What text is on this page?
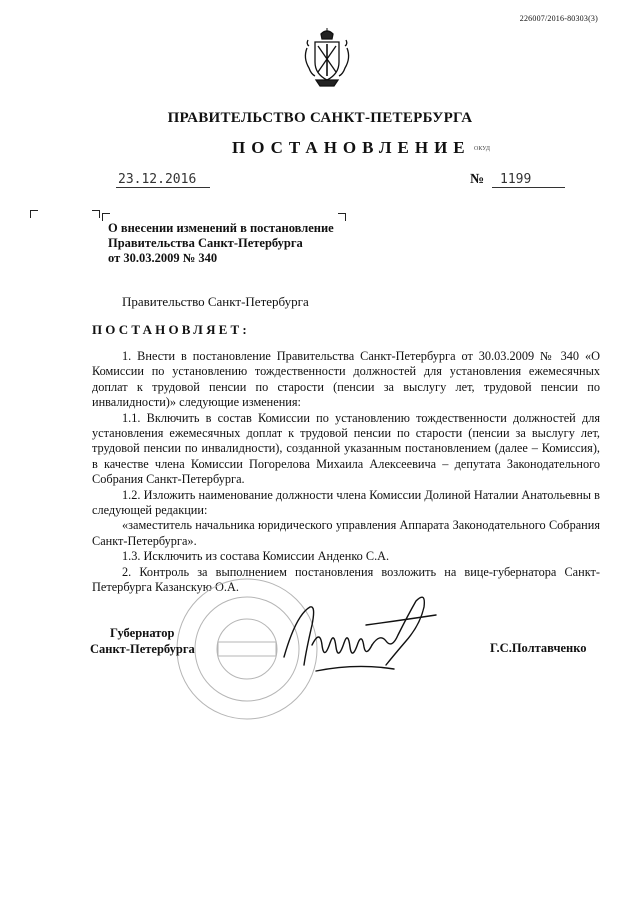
226007/2016-80303(3)
ПРАВИТЕЛЬСТВО САНКТ-ПЕТЕРБУРГА
ПОСТАНОВЛЕНИЕ ОКУД
23.12.2016	№	1199
О внесении изменений в постановление
Правительства Санкт-Петербурга
от 30.03.2009 № 340
Правительство Санкт-Петербурга
ПОСТАНОВЛЯЕТ:

1. Внести в постановление Правительства Санкт-Петербурга от 30.03.2009 № 340 «О Комиссии по установлению тождественности должностей для установления ежемесячных доплат к трудовой пенсии по старости (пенсии за выслугу лет, трудовой пенсии по инвалидности)» следующие изменения:

1.1. Включить в состав Комиссии по установлению тождественности должностей для установления ежемесячных доплат к трудовой пенсии по старости (пенсии за выслугу лет, трудовой пенсии по инвалидности), созданной указанным постановлением (далее – Комиссия), в качестве члена Комиссии Погорелова Михаила Алексеевича – депутата Законодательного Собрания Санкт-Петербурга.

1.2. Изложить наименование должности члена Комиссии Долиной Наталии Анатольевны в следующей редакции:

«заместитель начальника юридического управления Аппарата Законодательного Собрания Санкт-Петербурга».

1.3. Исключить из состава Комиссии Анденко С.А.

2. Контроль за выполнением постановления возложить на вице-губернатора Санкт-Петербурга Казанскую О.А.

Губернатор
Санкт-Петербурга	Г.С.Полтавченко
